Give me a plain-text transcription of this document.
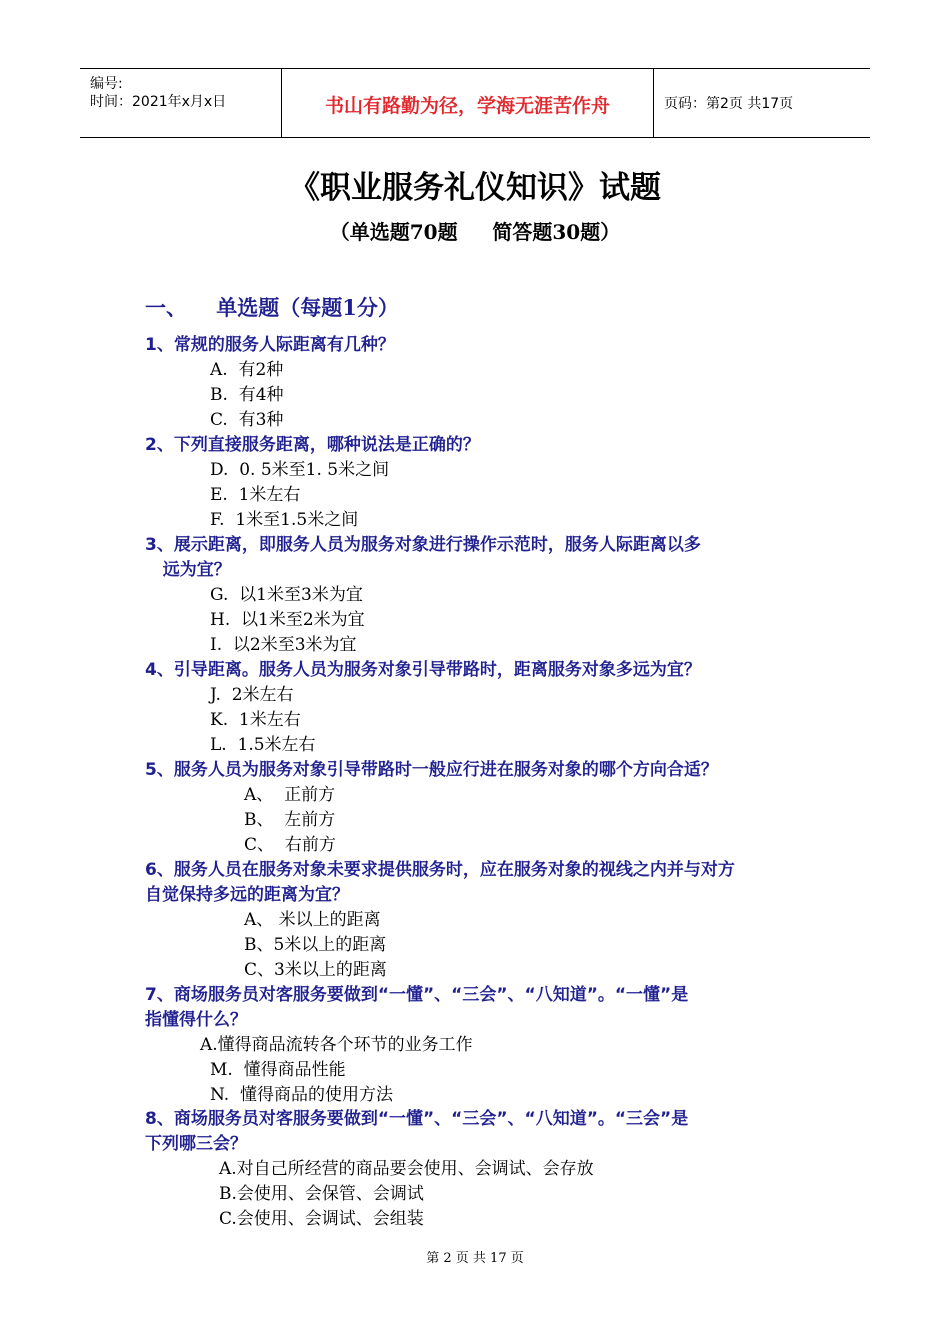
编号:
时间：2021年x月x日	书山有路勤为径，学海无涯苦作舟	页码：第2页 共17页
《职业服务礼仪知识》试题
（单选题70题     简答题30题）
一、    单选题（每题1分）
1、常规的服务人际距离有几种？
A.  有2种
B.  有4种
C.  有3种
2、下列直接服务距离，哪种说法是正确的？
D.  0. 5米至1. 5米之间
E.  1米左右
F.  1米至1.5米之间
3、展示距离，即服务人员为服务对象进行操作示范时，服务人际距离以多
远为宜？
G.  以1米至3米为宜
H.  以1米至2米为宜
I.  以2米至3米为宜
4、引导距离。服务人员为服务对象引导带路时，距离服务对象多远为宜？
J.  2米左右
K.  1米左右
L.  1.5米左右
5、服务人员为服务对象引导带路时一般应行进在服务对象的哪个方向合适？
A、  正前方
B、  左前方
C、  右前方
6、服务人员在服务对象未要求提供服务时，应在服务对象的视线之内并与对方
自觉保持多远的距离为宜？
A、 米以上的距离
B、5米以上的距离
C、3米以上的距离
7、商场服务员对客服务要做到“一懂”、“三会”、“八知道”。“一懂”是
指懂得什么？
A.懂得商品流转各个环节的业务工作
M.  懂得商品性能
N.  懂得商品的使用方法
8、商场服务员对客服务要做到“一懂”、“三会”、“八知道”。“三会”是
下列哪三会？
A.对自己所经营的商品要会使用、会调试、会存放
B.会使用、会保管、会调试
C.会使用、会调试、会组装
第 2 页 共 17 页
